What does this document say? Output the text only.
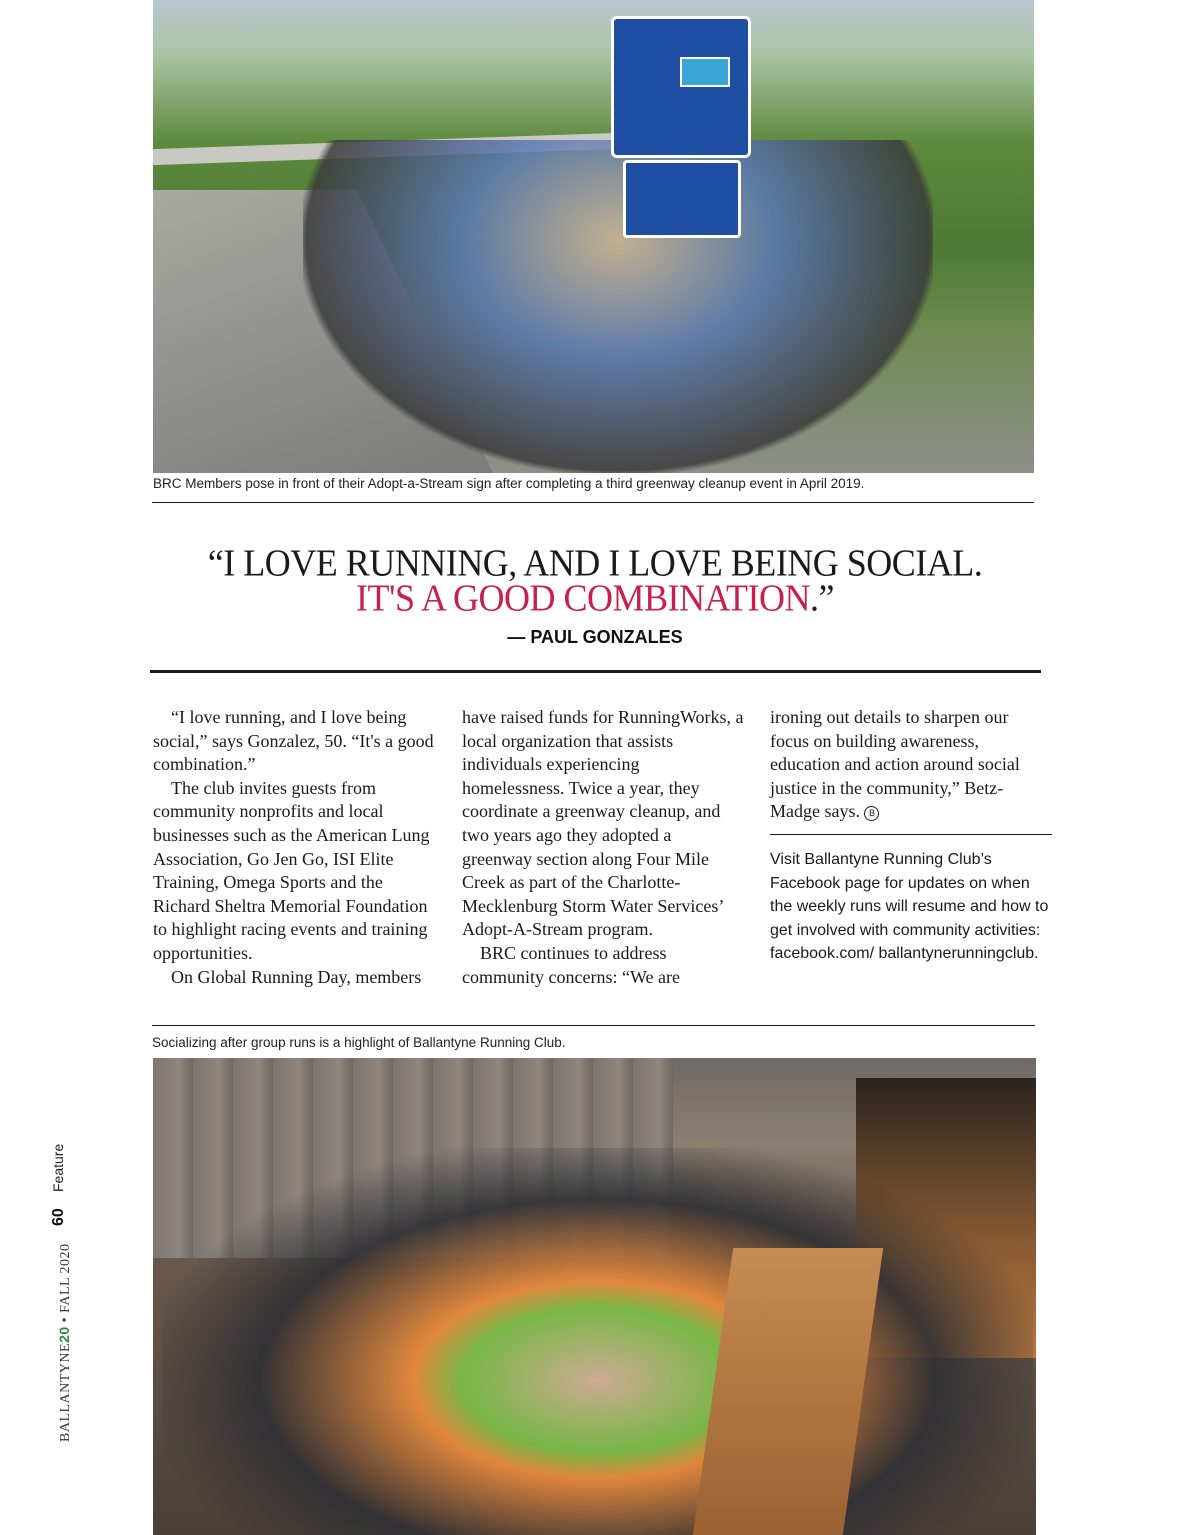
BRC Members pose in front of their Adopt-a-Stream sign after completing a third greenway cleanup event in April 2019.
“I LOVE RUNNING, AND I LOVE BEING SOCIAL.
IT'S A GOOD COMBINATION.”
— PAUL GONZALES

“I love running, and I love being social,” says Gonzalez, 50. “It's a good combination.”

The club invites guests from community nonprofits and local businesses such as the American Lung Association, Go Jen Go, ISI Elite Training, Omega Sports and the Richard Sheltra Memorial Foundation to highlight racing events and training opportunities.

On Global Running Day, members

have raised funds for RunningWorks, a local organization that assists individuals experiencing homelessness. Twice a year, they coordinate a greenway cleanup, and two years ago they adopted a greenway section along Four Mile Creek as part of the Charlotte-Mecklenburg Storm Water Services’ Adopt-A-Stream program.

BRC continues to address community concerns: “We are

ironing out details to sharpen our focus on building awareness, education and action around social justice in the community,” Betz-Madge says. B

Visit Ballantyne Running Club’s Facebook page for updates on when the weekly runs will resume and how to get involved with community activities: facebook.com/ ballantynerunningclub.
Socializing after group runs is a highlight of Ballantyne Running Club.
Feature
60
BALLANTYNE20 • FALL 2020
